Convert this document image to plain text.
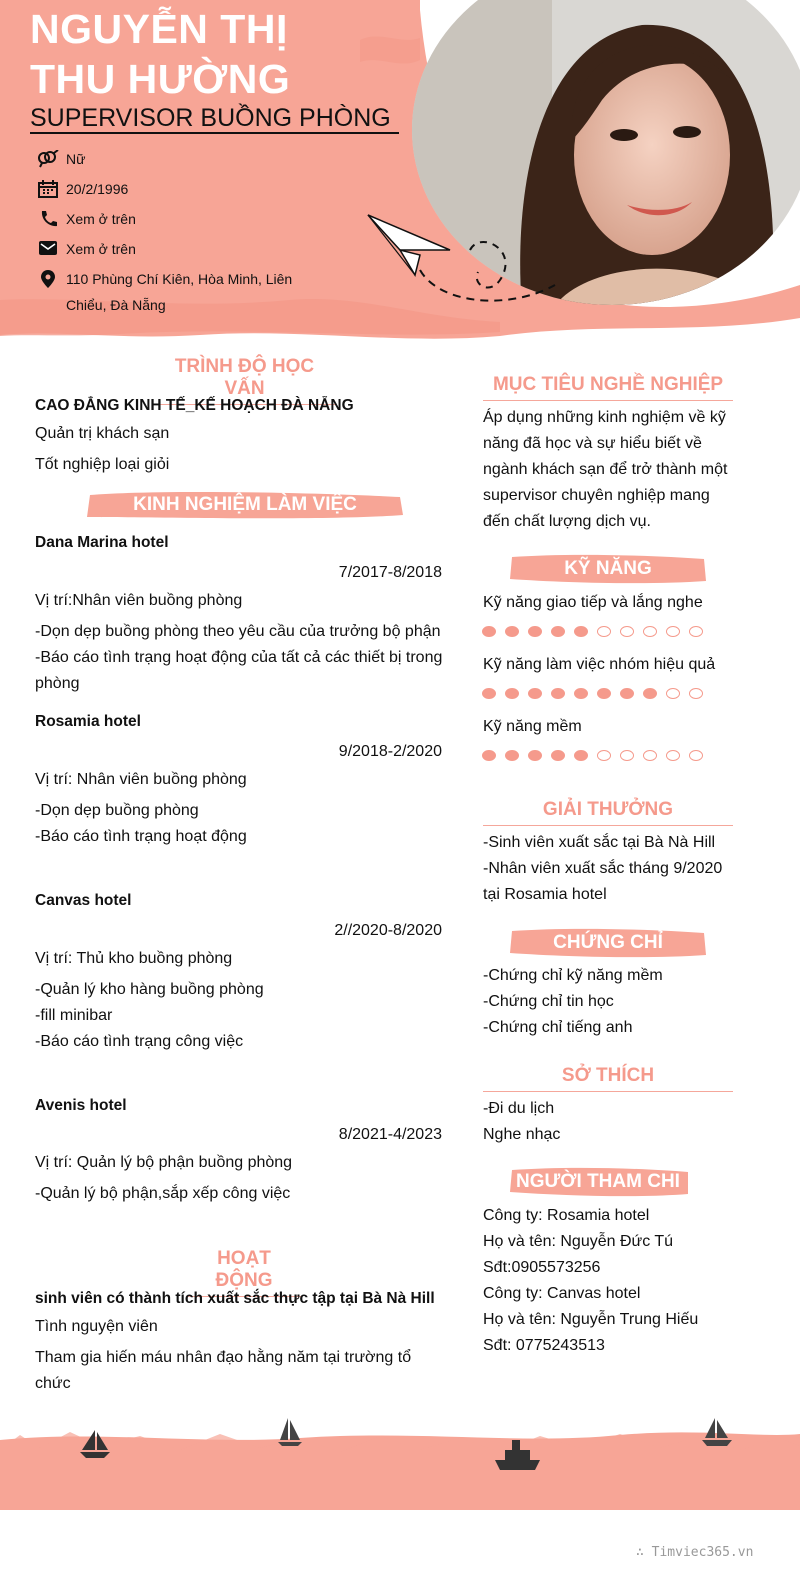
NGUYỄN THỊ
THU HƯỜNG
SUPERVISOR BUỒNG PHÒNG
Nữ
20/2/1996
Xem ở trên
Xem ở trên
110 Phùng Chí Kiên, Hòa Minh, Liên
Chiểu, Đà Nẵng
TRÌNH ĐỘ HỌC VẤN
CAO ĐẲNG KINH TẾ_KẾ HOẠCH ĐÀ NẴNG
Quản trị khách sạn
Tốt nghiệp loại giỏi
KINH NGHIỆM LÀM VIỆC
Dana Marina hotel
7/2017-8/2018
Vị trí:Nhân viên buồng phòng
-Dọn dẹp buồng phòng theo yêu cầu của trưởng bộ phận
-Báo cáo tình trạng hoạt động của tất cả các thiết bị trong
phòng
Rosamia hotel
9/2018-2/2020
Vị trí: Nhân viên buồng phòng
-Dọn dẹp buồng phòng
-Báo cáo tình trạng hoạt động
Canvas hotel
2//2020-8/2020
Vị trí: Thủ kho buồng phòng
-Quản lý kho hàng buồng phòng
-fill minibar
-Báo cáo tình trạng công việc
Avenis hotel
8/2021-4/2023
Vị trí: Quản lý bộ phận buồng phòng
-Quản lý bộ phận,sắp xếp công việc
HOẠT ĐỘNG
sinh viên có thành tích xuất sắc thực tập tại Bà Nà Hill
Tình nguyện viên
Tham gia hiến máu nhân đạo hằng năm tại trường tổ
chức
MỤC TIÊU NGHỀ NGHIỆP
Áp dụng những kinh nghiệm về kỹ
năng đã học và sự hiểu biết về
ngành khách sạn để trở thành một
supervisor chuyên nghiệp mang
đến chất lượng dịch vụ.
KỸ NĂNG
Kỹ năng giao tiếp và lắng nghe
Kỹ năng làm việc nhóm hiệu quả
Kỹ năng mềm
GIẢI THƯỞNG
-Sinh viên xuất sắc tại Bà Nà Hill
-Nhân viên xuất sắc tháng 9/2020
tại Rosamia hotel
CHỨNG CHỈ
-Chứng chỉ kỹ năng mềm
-Chứng chỉ tin học
-Chứng chỉ tiếng anh
SỞ THÍCH
-Đi du lịch
Nghe nhạc
NGƯỜI THAM CHI
Công ty: Rosamia hotel
Họ và tên: Nguyễn Đức Tú
Sđt:0905573256
Công ty: Canvas hotel
Họ và tên: Nguyễn Trung Hiếu
Sđt: 0775243513
∴ Timviec365.vn
